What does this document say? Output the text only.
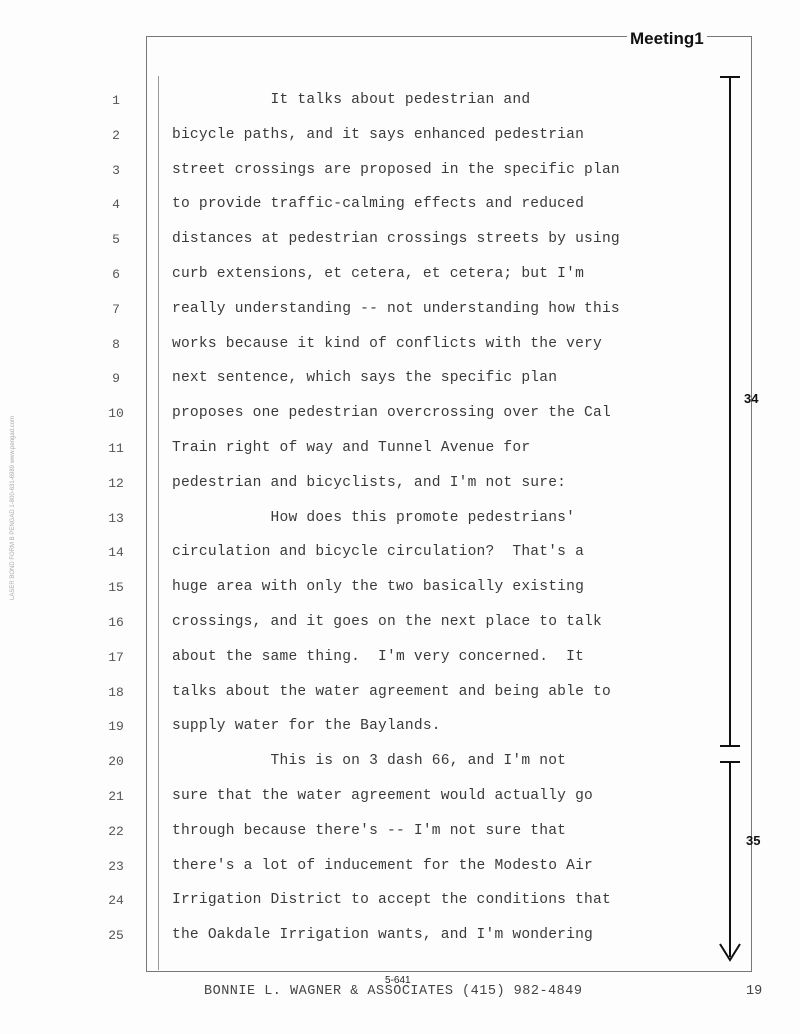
Meeting1
LASER BOND FORM B PENGAD 1-800-631-6989 www.pengad.com
1	It talks about pedestrian and
2	bicycle paths, and it says enhanced pedestrian
3	street crossings are proposed in the specific plan
4	to provide traffic-calming effects and reduced
5	distances at pedestrian crossings streets by using
6	curb extensions, et cetera, et cetera; but I'm
7	really understanding -- not understanding how this
8	works because it kind of conflicts with the very
9	next sentence, which says the specific plan
10	proposes one pedestrian overcrossing over the Cal
11	Train right of way and Tunnel Avenue for
12	pedestrian and bicyclists, and I'm not sure:
13	How does this promote pedestrians'
14	circulation and bicycle circulation?  That's a
15	huge area with only the two basically existing
16	crossings, and it goes on the next place to talk
17	about the same thing.  I'm very concerned.  It
18	talks about the water agreement and being able to
19	supply water for the Baylands.
20	This is on 3 dash 66, and I'm not
21	sure that the water agreement would actually go
22	through because there's -- I'm not sure that
23	there's a lot of inducement for the Modesto Air
24	Irrigation District to accept the conditions that
25	the Oakdale Irrigation wants, and I'm wondering
34
35
5-641
BONNIE L. WAGNER & ASSOCIATES (415) 982-4849	19
